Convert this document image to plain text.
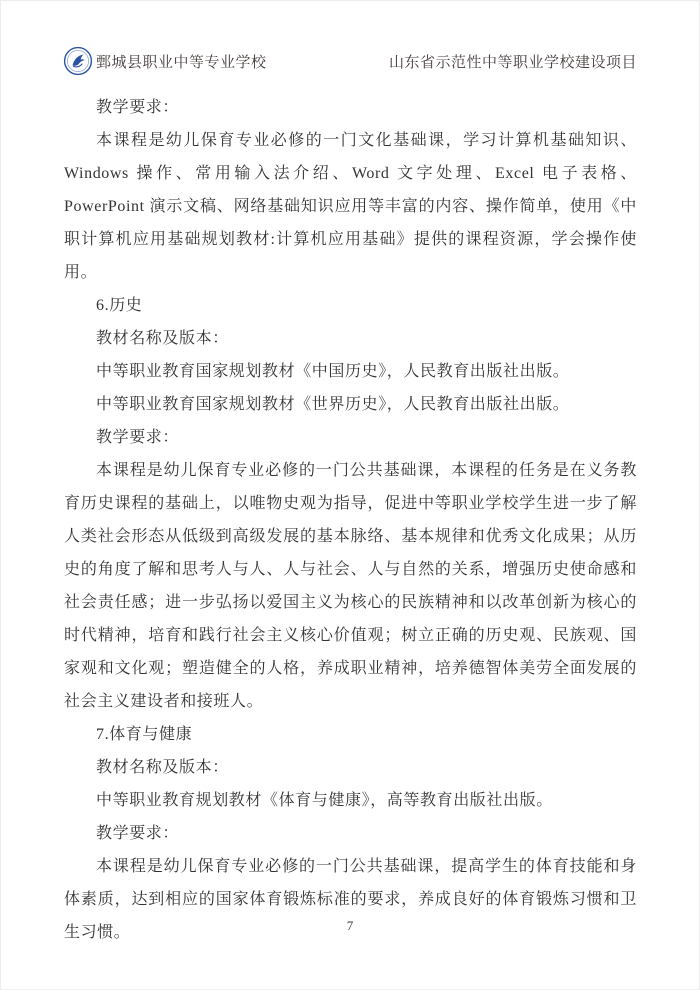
鄄城县职业中等专业学校	山东省示范性中等职业学校建设项目

教学要求：

本课程是幼儿保育专业必修的一门文化基础课，学习计算机基础知识、Windows 操作、常用输入法介绍、Word 文字处理、Excel 电子表格、PowerPoint 演示文稿、网络基础知识应用等丰富的内容、操作简单，使用《中职计算机应用基础规划教材:计算机应用基础》提供的课程资源，学会操作使用。

6.历史

教材名称及版本：

中等职业教育国家规划教材《中国历史》，人民教育出版社出版。

中等职业教育国家规划教材《世界历史》，人民教育出版社出版。

教学要求：

本课程是幼儿保育专业必修的一门公共基础课，本课程的任务是在义务教育历史课程的基础上，以唯物史观为指导，促进中等职业学校学生进一步了解人类社会形态从低级到高级发展的基本脉络、基本规律和优秀文化成果；从历史的角度了解和思考人与人、人与社会、人与自然的关系，增强历史使命感和社会责任感；进一步弘扬以爱国主义为核心的民族精神和以改革创新为核心的时代精神，培育和践行社会主义核心价值观；树立正确的历史观、民族观、国家观和文化观；塑造健全的人格，养成职业精神，培养德智体美劳全面发展的社会主义建设者和接班人。

7.体育与健康

教材名称及版本：

中等职业教育规划教材《体育与健康》，高等教育出版社出版。

教学要求：

本课程是幼儿保育专业必修的一门公共基础课，提高学生的体育技能和身体素质，达到相应的国家体育锻炼标准的要求，养成良好的体育锻炼习惯和卫生习惯。	7
